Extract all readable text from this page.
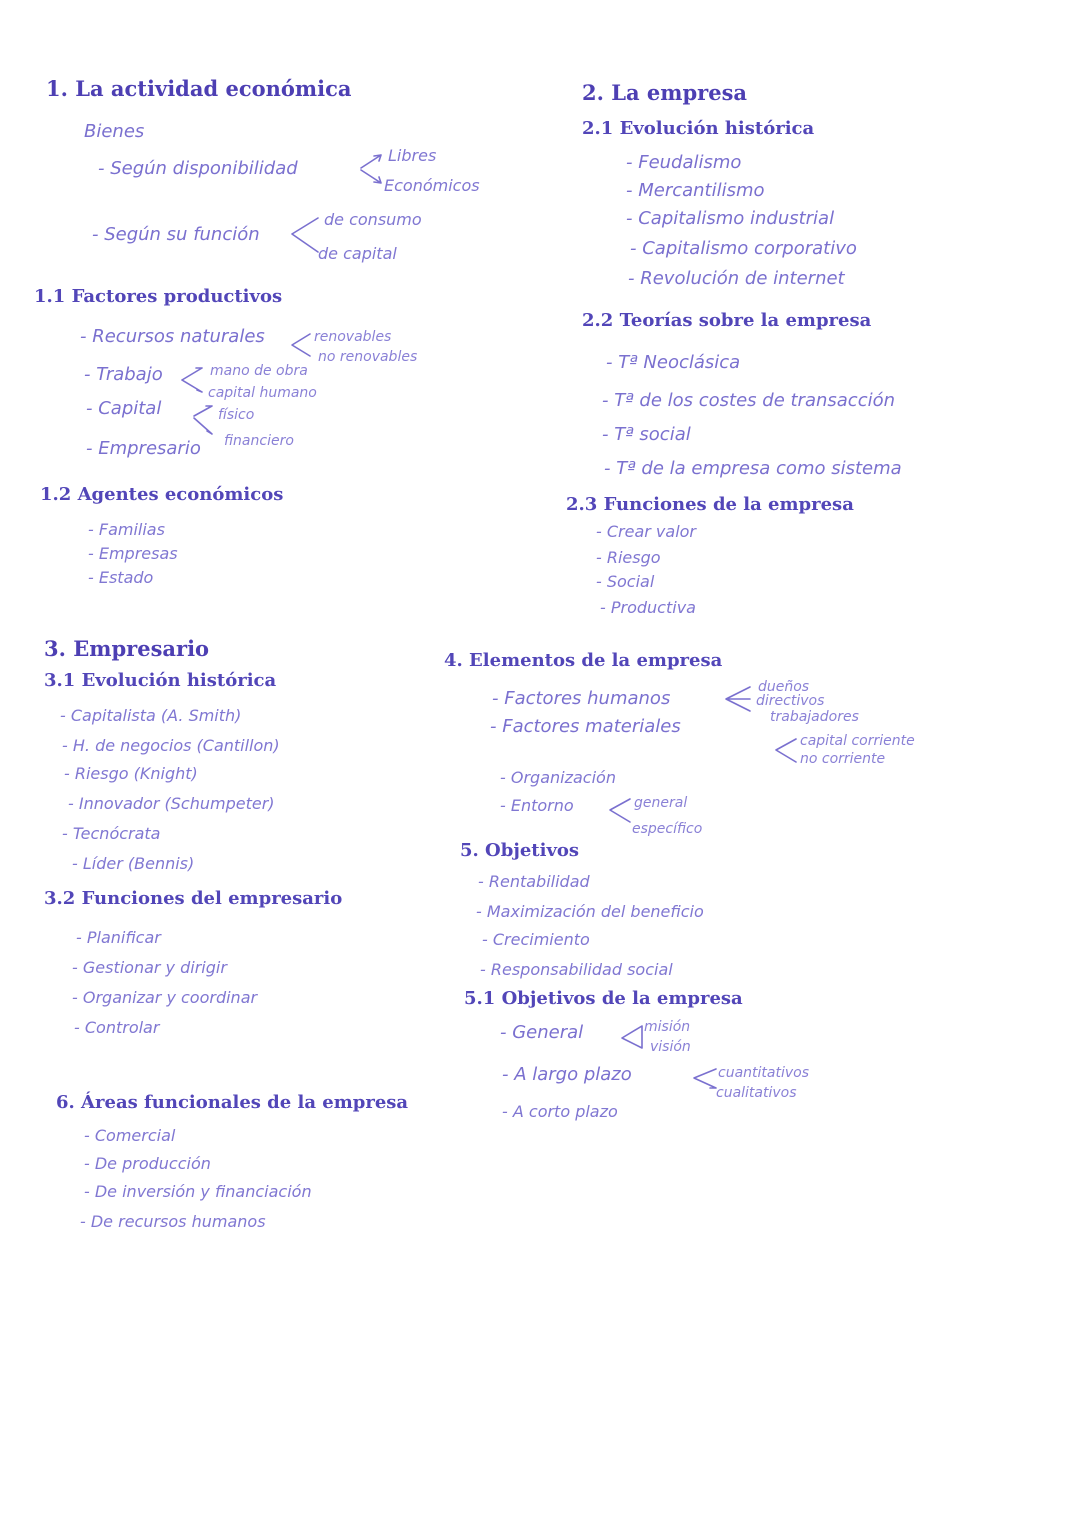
1. La actividad económica
Bienes
- Según disponibilidad
Libres
Económicos
- Según su función
de consumo
de capital
1.1 Factores productivos
- Recursos naturales	renovables
no renovables
- Trabajo	mano de obra
capital humano
- Capital	físico
financiero
- Empresario
1.2 Agentes económicos
- Familias
- Empresas
- Estado
2. La empresa
2.1 Evolución histórica
- Feudalismo
- Mercantilismo
- Capitalismo industrial
- Capitalismo corporativo
- Revolución de internet
2.2 Teorías sobre la empresa
- Tª Neoclásica
- Tª de los costes de transacción
- Tª social
- Tª de la empresa como sistema
2.3 Funciones de la empresa
- Crear valor
- Riesgo
- Social
- Productiva
3. Empresario
3.1 Evolución histórica
- Capitalista (A. Smith)
- H. de negocios (Cantillon)
- Riesgo (Knight)
- Innovador (Schumpeter)
- Tecnócrata
- Líder (Bennis)
3.2 Funciones del empresario
- Planificar
- Gestionar y dirigir
- Organizar y coordinar
- Controlar
4. Elementos de la empresa
- Factores humanos
dueños
directivos
trabajadores
- Factores materiales
capital corriente
no corriente
- Organización
- Entorno	general
específico
5. Objetivos
- Rentabilidad
- Maximización del beneficio
- Crecimiento
- Responsabilidad social
5.1 Objetivos de la empresa
- General	misión
visión
- A largo plazo	cuantitativos
cualitativos
- A corto plazo
6. Áreas funcionales de la empresa
- Comercial
- De producción
- De inversión y financiación
- De recursos humanos
